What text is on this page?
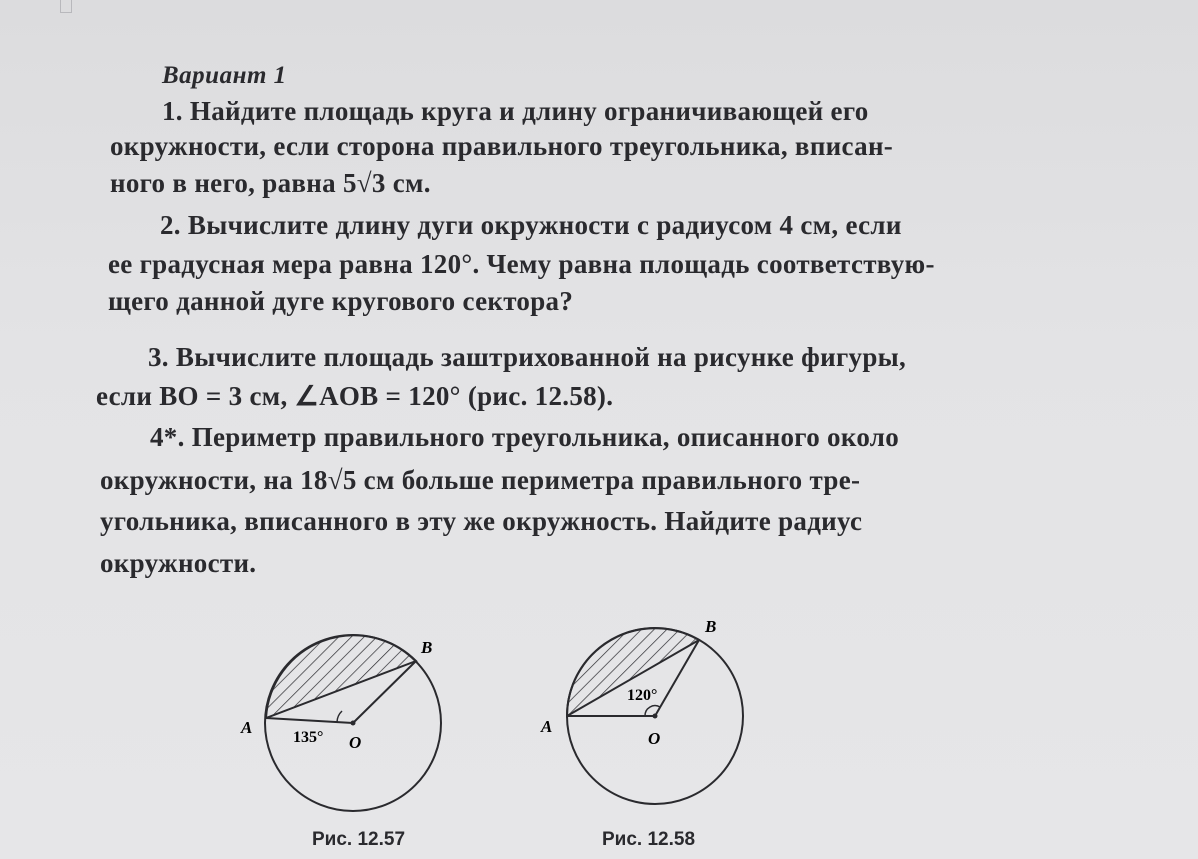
Вариант 1
1. Найдите площадь круга и длину ограничивающей его
окружности, если сторона правильного треугольника, вписан-
ного в него, равна 5√3 см.
2. Вычислите длину дуги окружности с радиусом 4 см, если
ее градусная мера равна 120°. Чему равна площадь соответствую-
щего данной дуге кругового сектора?
3. Вычислите площадь заштрихованной на рисунке фигуры,
если BO = 3 см, ∠AOB = 120° (рис. 12.58).
4*. Периметр правильного треугольника, описанного около
окружности, на 18√5 см больше периметра правильного тре-
угольника, вписанного в эту же окружность. Найдите радиус
окружности.
A
B
O
135°
Рис. 12.57
A
B
O
120°
Рис. 12.58
